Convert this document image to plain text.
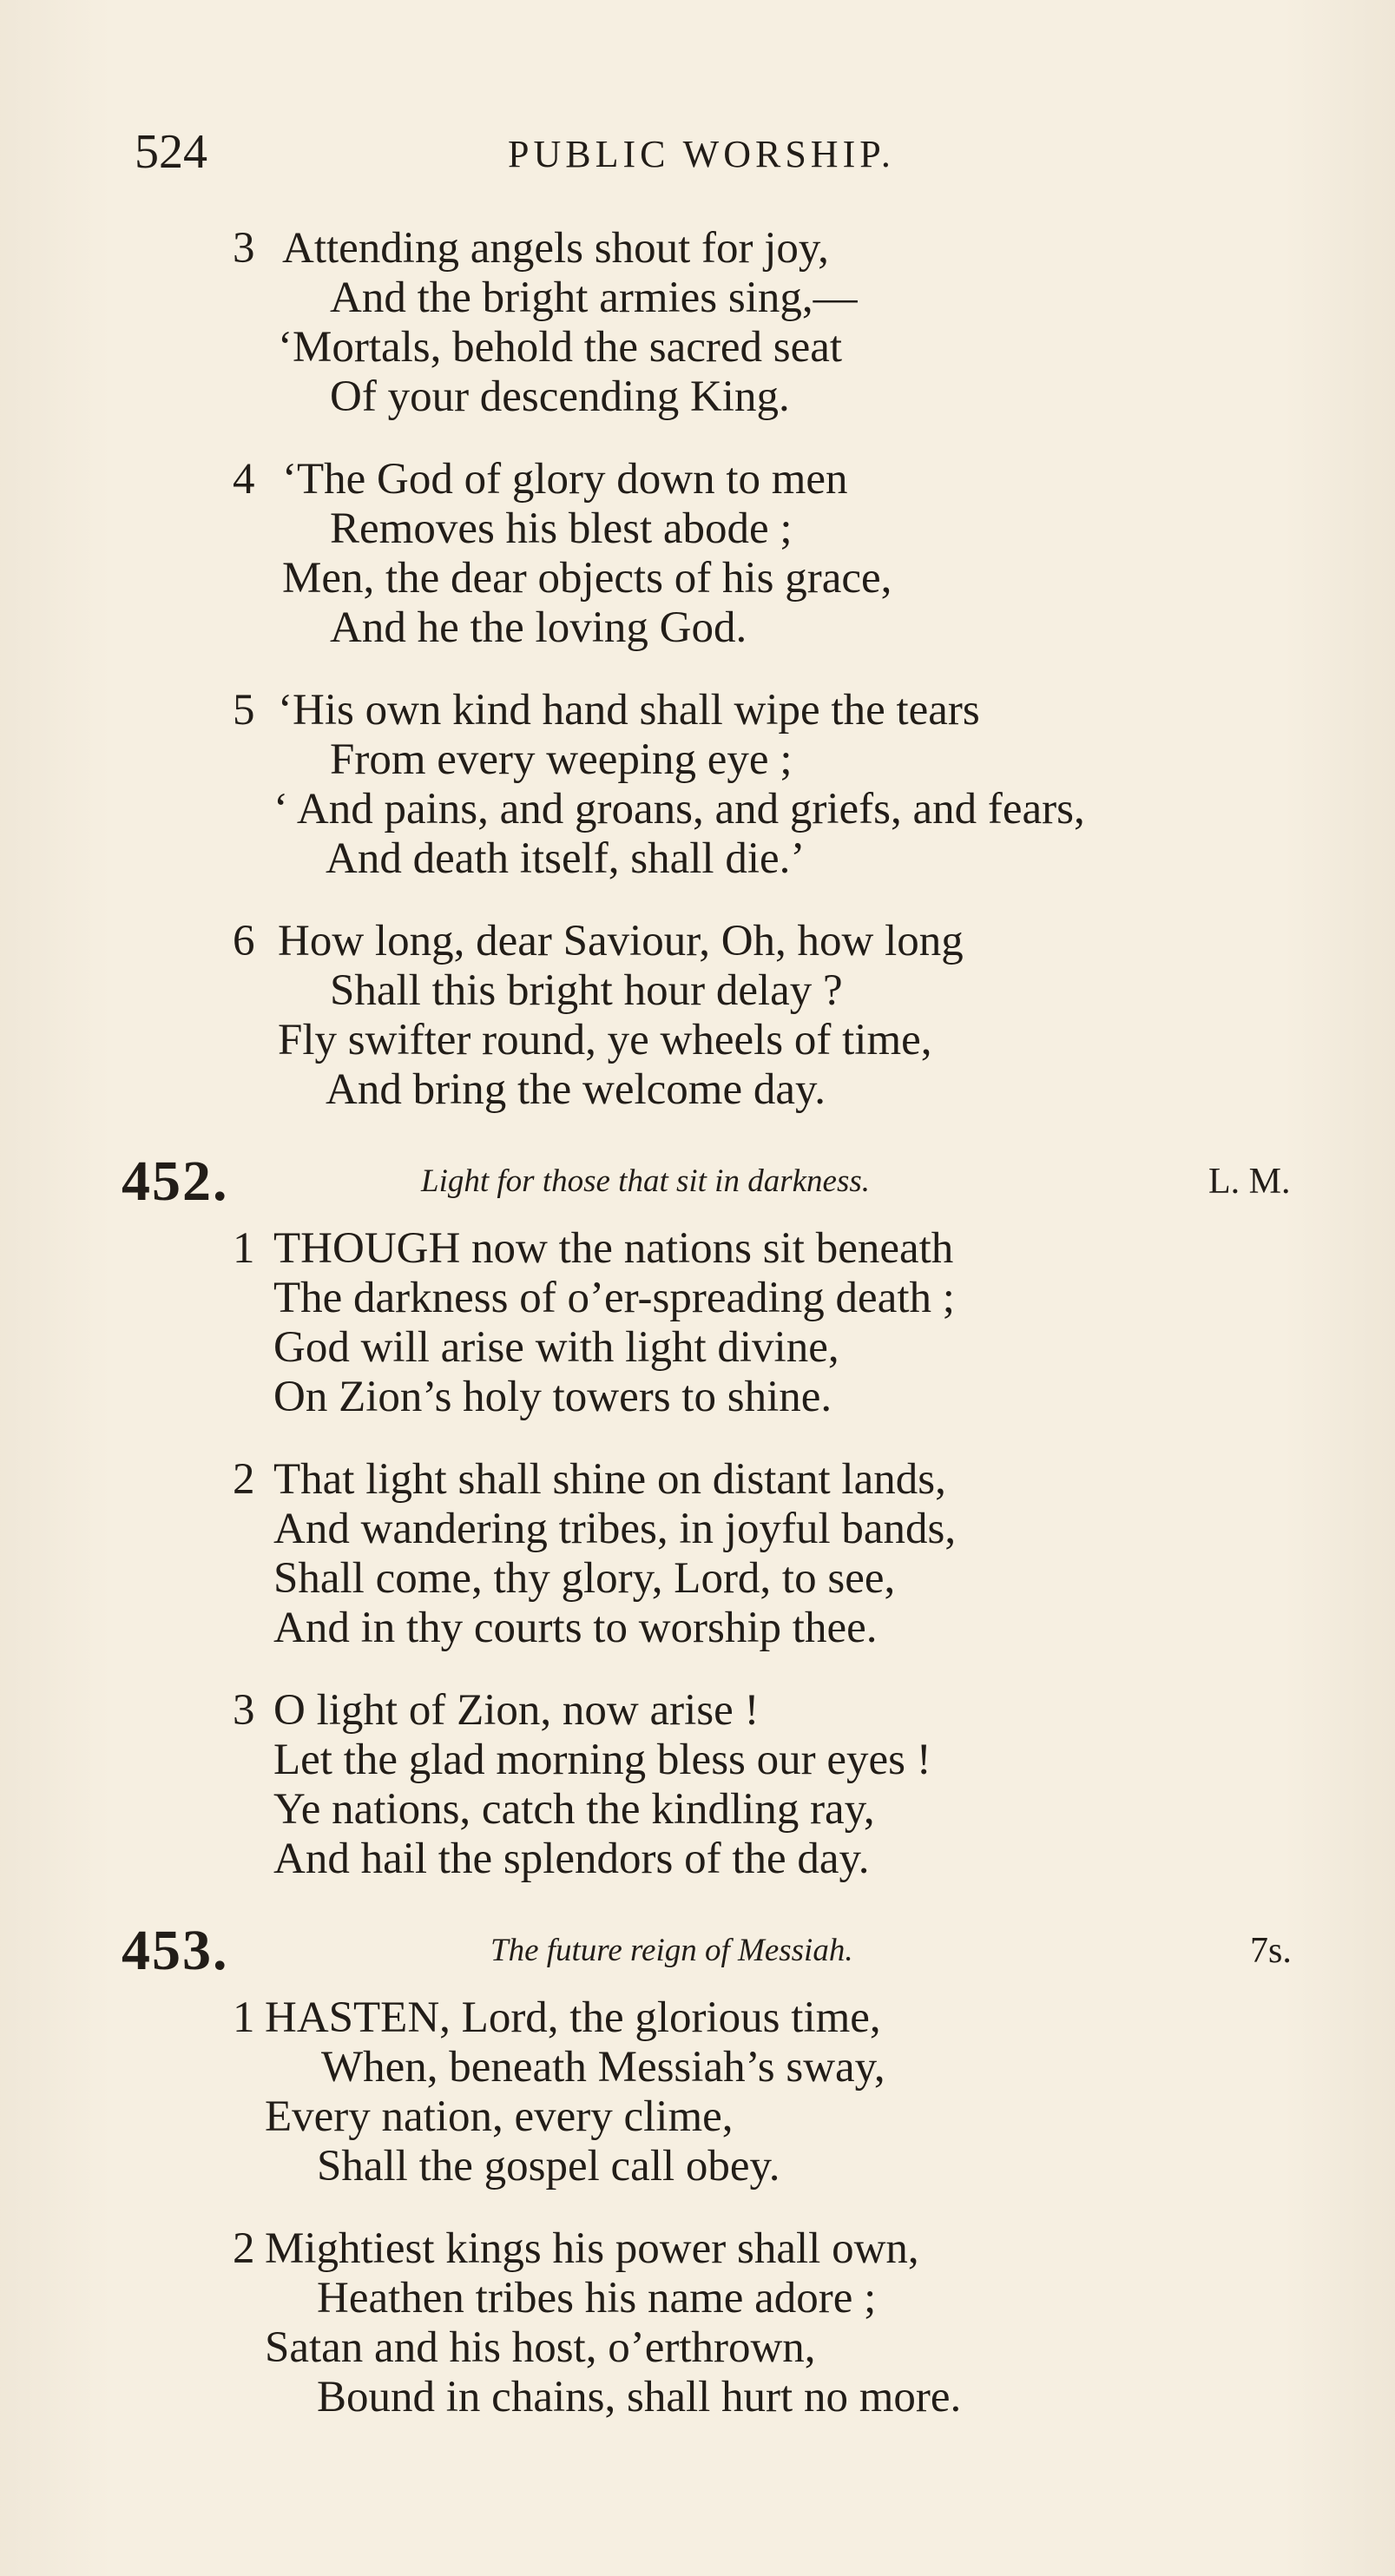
524	PUBLIC WORSHIP.
3 Attending angels shout for joy,
And the bright armies sing,—
‘Mortals, behold the sacred seat
Of your descending King.
4 ‘The God of glory down to men
Removes his blest abode ;
Men, the dear objects of his grace,
And he the loving God.
5 ‘His own kind hand shall wipe the tears
From every weeping eye ;
‘ And pains, and groans, and griefs, and fears,
And death itself, shall die.’
6 How long, dear Saviour, Oh, how long
Shall this bright hour delay ?
Fly swifter round, ye wheels of time,
And bring the welcome day.
452.	Light for those that sit in darkness.	L. M.
1 THOUGH now the nations sit beneath
The darkness of o’er-spreading death ;
God will arise with light divine,
On Zion’s holy towers to shine.
2 That light shall shine on distant lands,
And wandering tribes, in joyful bands,
Shall come, thy glory, Lord, to see,
And in thy courts to worship thee.
3 O light of Zion, now arise !
Let the glad morning bless our eyes !
Ye nations, catch the kindling ray,
And hail the splendors of the day.
453.	The future reign of Messiah.	7s.
1 HASTEN, Lord, the glorious time,
When, beneath Messiah’s sway,
Every nation, every clime,
Shall the gospel call obey.
2 Mightiest kings his power shall own,
Heathen tribes his name adore ;
Satan and his host, o’erthrown,
Bound in chains, shall hurt no more.
